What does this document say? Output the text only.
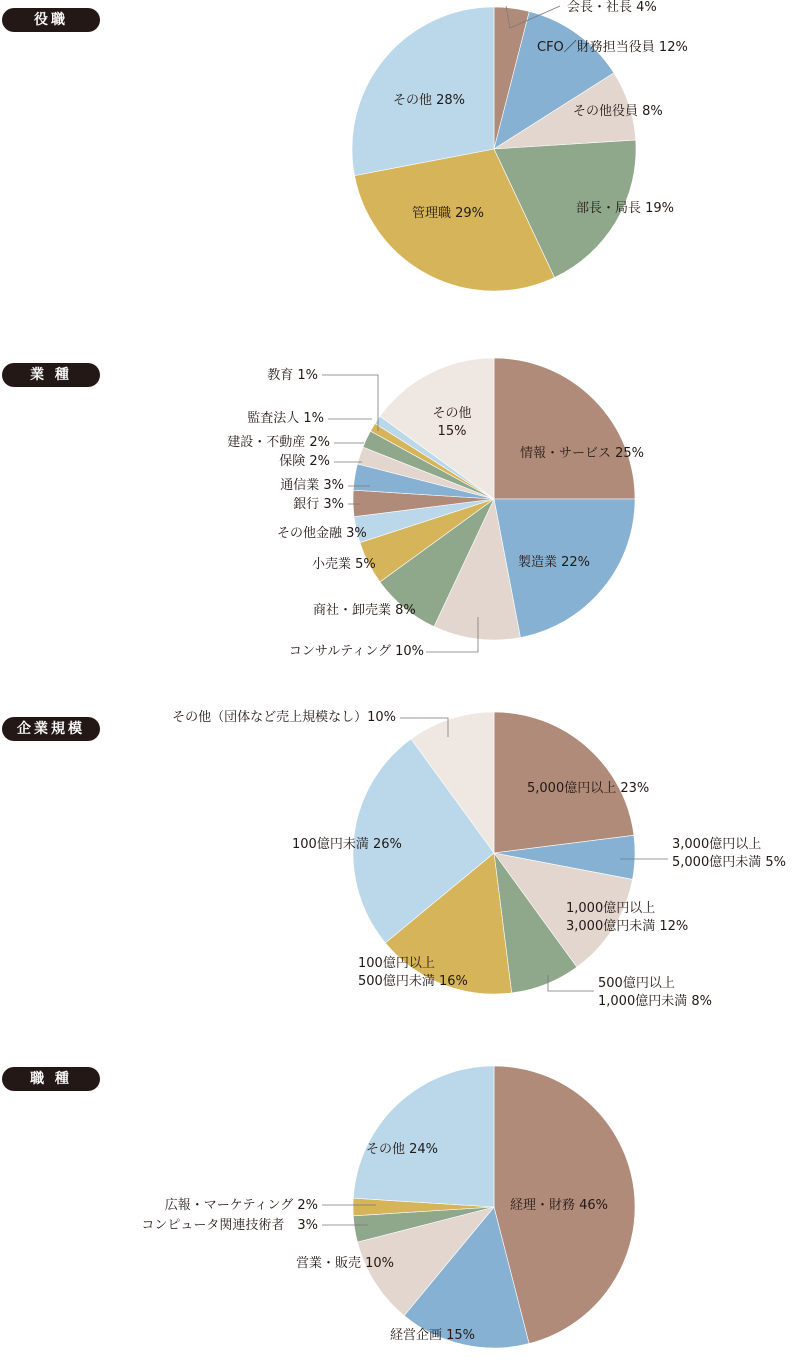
役職
会長・社長 4%
CFO／財務担当役員 12%
その他役員 8%
部長・局長 19%
管理職 29%
その他 28%
業 種
情報・サービス 25%
製造業 22%
コンサルティング 10%
商社・卸売業 8%
小売業 5%
その他金融 3%
銀行 3%
通信業 3%
保険 2%
建設・不動産 2%
監査法人 1%
教育 1%
その他 15%
企業規模
5,000億円以上 23%
3,000億円以上 5,000億円未満 5%
1,000億円以上 3,000億円未満 12%
500億円以上 1,000億円未満 8%
100億円以上 500億円未満 16%
100億円未満 26%
その他（団体など売上規模なし）10%
職 種
経理・財務 46%
経営企画 15%
営業・販売 10%
コンピュータ関連技術者　3%
広報・マーケティング 2%
その他 24%
